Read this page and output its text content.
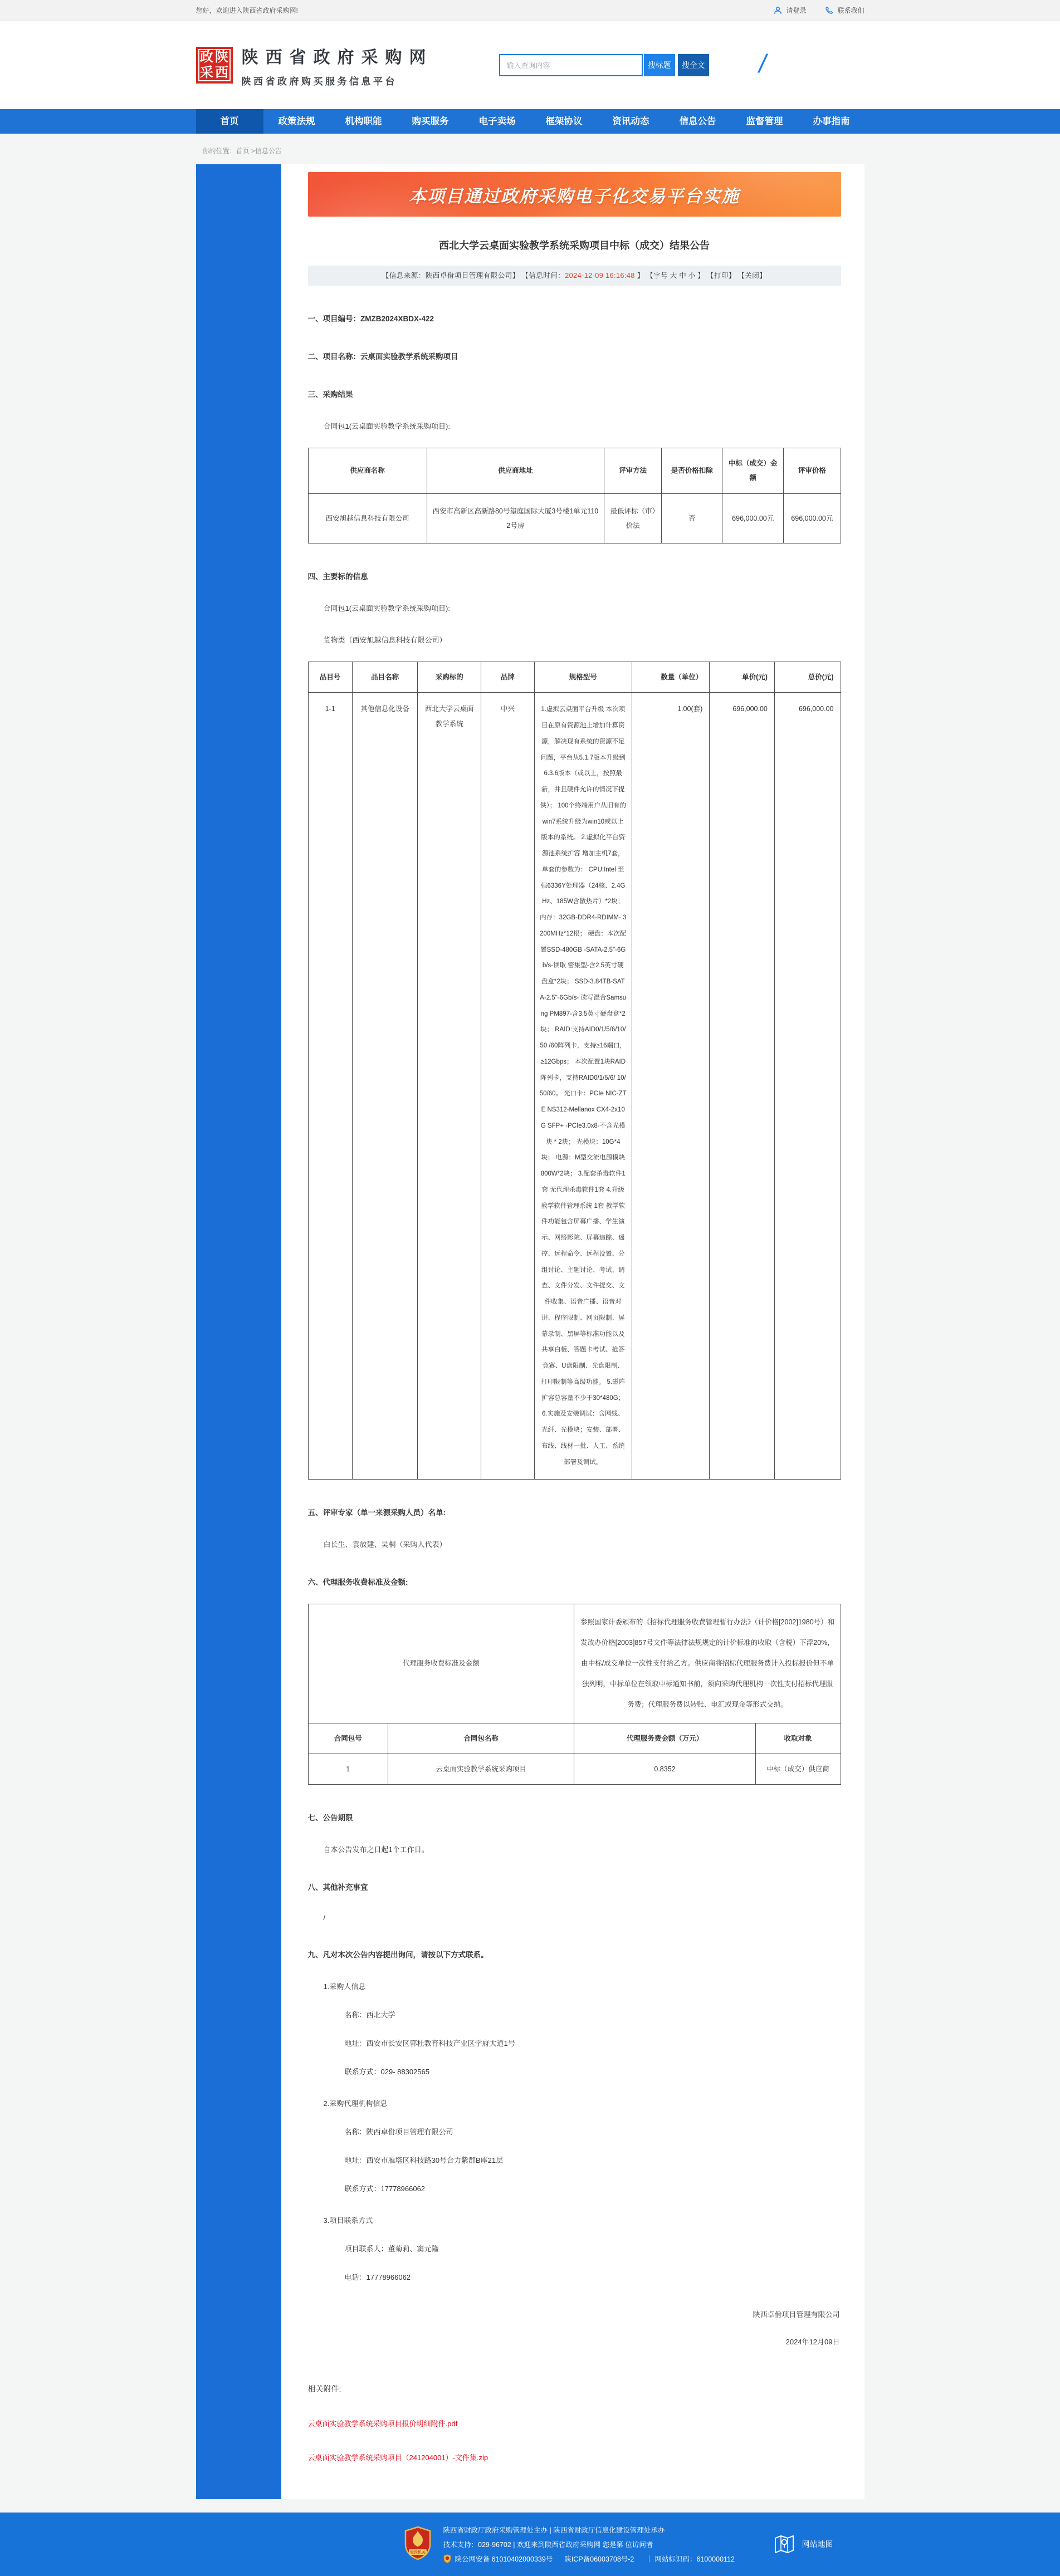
您好，欢迎进入陕西省政府采购网!	请登录	联系我们
政陕
采西
陕西省政府采购网
陕西省政府购买服务信息平台
输入查询内容
搜标题	搜全文 /
首页	政策法规	机构职能	购买服务	电子卖场	框架协议	资讯动态	信息公告	监督管理	办事指南
你的位置：首页 >信息公告
本项目通过政府采购电子化交易平台实施
西北大学云桌面实验教学系统采购项目中标（成交）结果公告
【信息来源：陕西卓佾项目管理有限公司】 【信息时间：2024-12-09 16:16:48 】 【字号 大 中 小 】 【打印】 【关闭】
一、项目编号：ZMZB2024XBDX-422
二、项目名称：云桌面实验教学系统采购项目
三、采购结果
合同包1(云桌面实验教学系统采购项目):
供应商名称	供应商地址	评审方法	是否价格扣除	中标（成交）金额	评审价格
西安旭越信息科技有限公司	西安市高新区高新路80号望庭国际大厦3号楼1单元1102号房	最低评标（审）价法	否	696,000.00元	696,000.00元
四、主要标的信息
合同包1(云桌面实验教学系统采购项目):
货物类（西安旭越信息科技有限公司）
品目号	品目名称	采购标的	品牌	规格型号	数量（单位）	单价(元)	总价(元)
1-1	其他信息化设备	西北大学云桌面教学系统	中兴	1.虚拟云桌面平台升级 本次项目在原有资源池上增加计算资源，解决现有系统的资源不足问题，平台从5.1.7版本升级到6.3.6版本（或以上，按照最新，并且硬件允许的情况下提供）； 100个终端用户从旧有的win7系统升级为win10或以上版本的系统。 2.虚拟化平台资源池系统扩容 增加主机7套，单套的参数为： CPU:Intel 至强6336Y处理器（24核、2.4GHz、185W含散热片）*2块； 内存：32GB-DDR4-RDIMM- 3200MHz*12根； 硬盘：本次配置SSD-480GB -SATA-2.5"-6Gb/s-读取 密集型-含2.5英寸硬盘盒*2块； SSD-3.84TB-SATA-2.5"-6Gb/s- 读写混合Samsung PM897-含3.5英寸硬盘盒*2块； RAID:支持AID0/1/5/6/10/50 /60阵列卡，支持≥16端口，≥12Gbps； 本次配置1块RAID阵列卡，支持RAID0/1/5/6/ 10/50/60。 光口卡：PCIe NIC-ZTE NS312-Mellanox CX4-2x10G SFP+ -PCIe3.0x8-不含光模块 * 2块； 光模块：10G*4块； 电源：M型交流电源模块800W*2块； 3.配套杀毒软件1套 无代理杀毒软件1套 4.升级教学软件管理系统 1套 教学软件功能包含屏幕广播、学生演示、网络影院、屏幕追踪、遥控、远程命令、远程设置、分组讨论、主题讨论、考试、调查、文件分发、文件提交、文件收集、语音广播、语音对讲、程序限制、网页限制、屏幕录制、黑屏等标准功能以及共享白板、答题卡考试、抢答竞赛、U盘限制、光盘限制、打印限制等高级功能。 5.磁阵扩容总容量不少于30*480G； 6.实施及安装调试：含网线、光纤、光模块；安装、部署、布线、线材一批、人工、系统部署及调试。	1.00(套)	696,000.00	696,000.00
五、评审专家（单一来源采购人员）名单:
白长生、袁放建、吴桐（采购人代表）
六、代理服务收费标准及金额:
代理服务收费标准及金额		参照国家计委颁布的《招标代理服务收费管理暂行办法》（计价格[2002]1980号）和发改办价格[2003]857号文件等法律法规规定的计价标准的收取（含税）下浮20%，由中标/成交单位一次性支付给乙方。供应商将招标代理服务费计入投标报价但不单独列明，中标单位在领取中标通知书前，须向采购代理机构一次性支付招标代理服务费；代理服务费以转账、电汇或现金等形式交纳。	
合同包号	合同包名称	代理服务费金额（万元）	收取对象
1	云桌面实验教学系统采购项目	0.8352	中标（成交）供应商
七、公告期限
自本公告发布之日起1个工作日。
八、其他补充事宜
/
九、凡对本次公告内容提出询问，请按以下方式联系。
1.采购人信息
名称：西北大学
地址：西安市长安区郭杜教育科技产业区学府大道1号
联系方式：029- 88302565
2.采购代理机构信息
名称：陕西卓佾项目管理有限公司
地址：西安市雁塔区科技路30号合力紫郡B座21层
联系方式：17778966062
3.项目联系方式
项目联系人：董菊莉、窦元隆
电话：17778966062
陕西卓佾项目管理有限公司
2024年12月09日
相关附件:
云桌面实验教学系统采购项目报价明细附件.pdf
云桌面实验教学系统采购项目（241204001）-文件集.zip
党政机关
陕西省财政厅政府采购管理处主办 | 陕西省财政厅信息化建设管理处承办
技术支持：029-96702 | 欢迎来到陕西省政府采购网 您是第 位访问者
陕公网安备 61010402000339号 陕ICP备06003708号-2 ｜ 网站标识码：6100000112
网站地图
